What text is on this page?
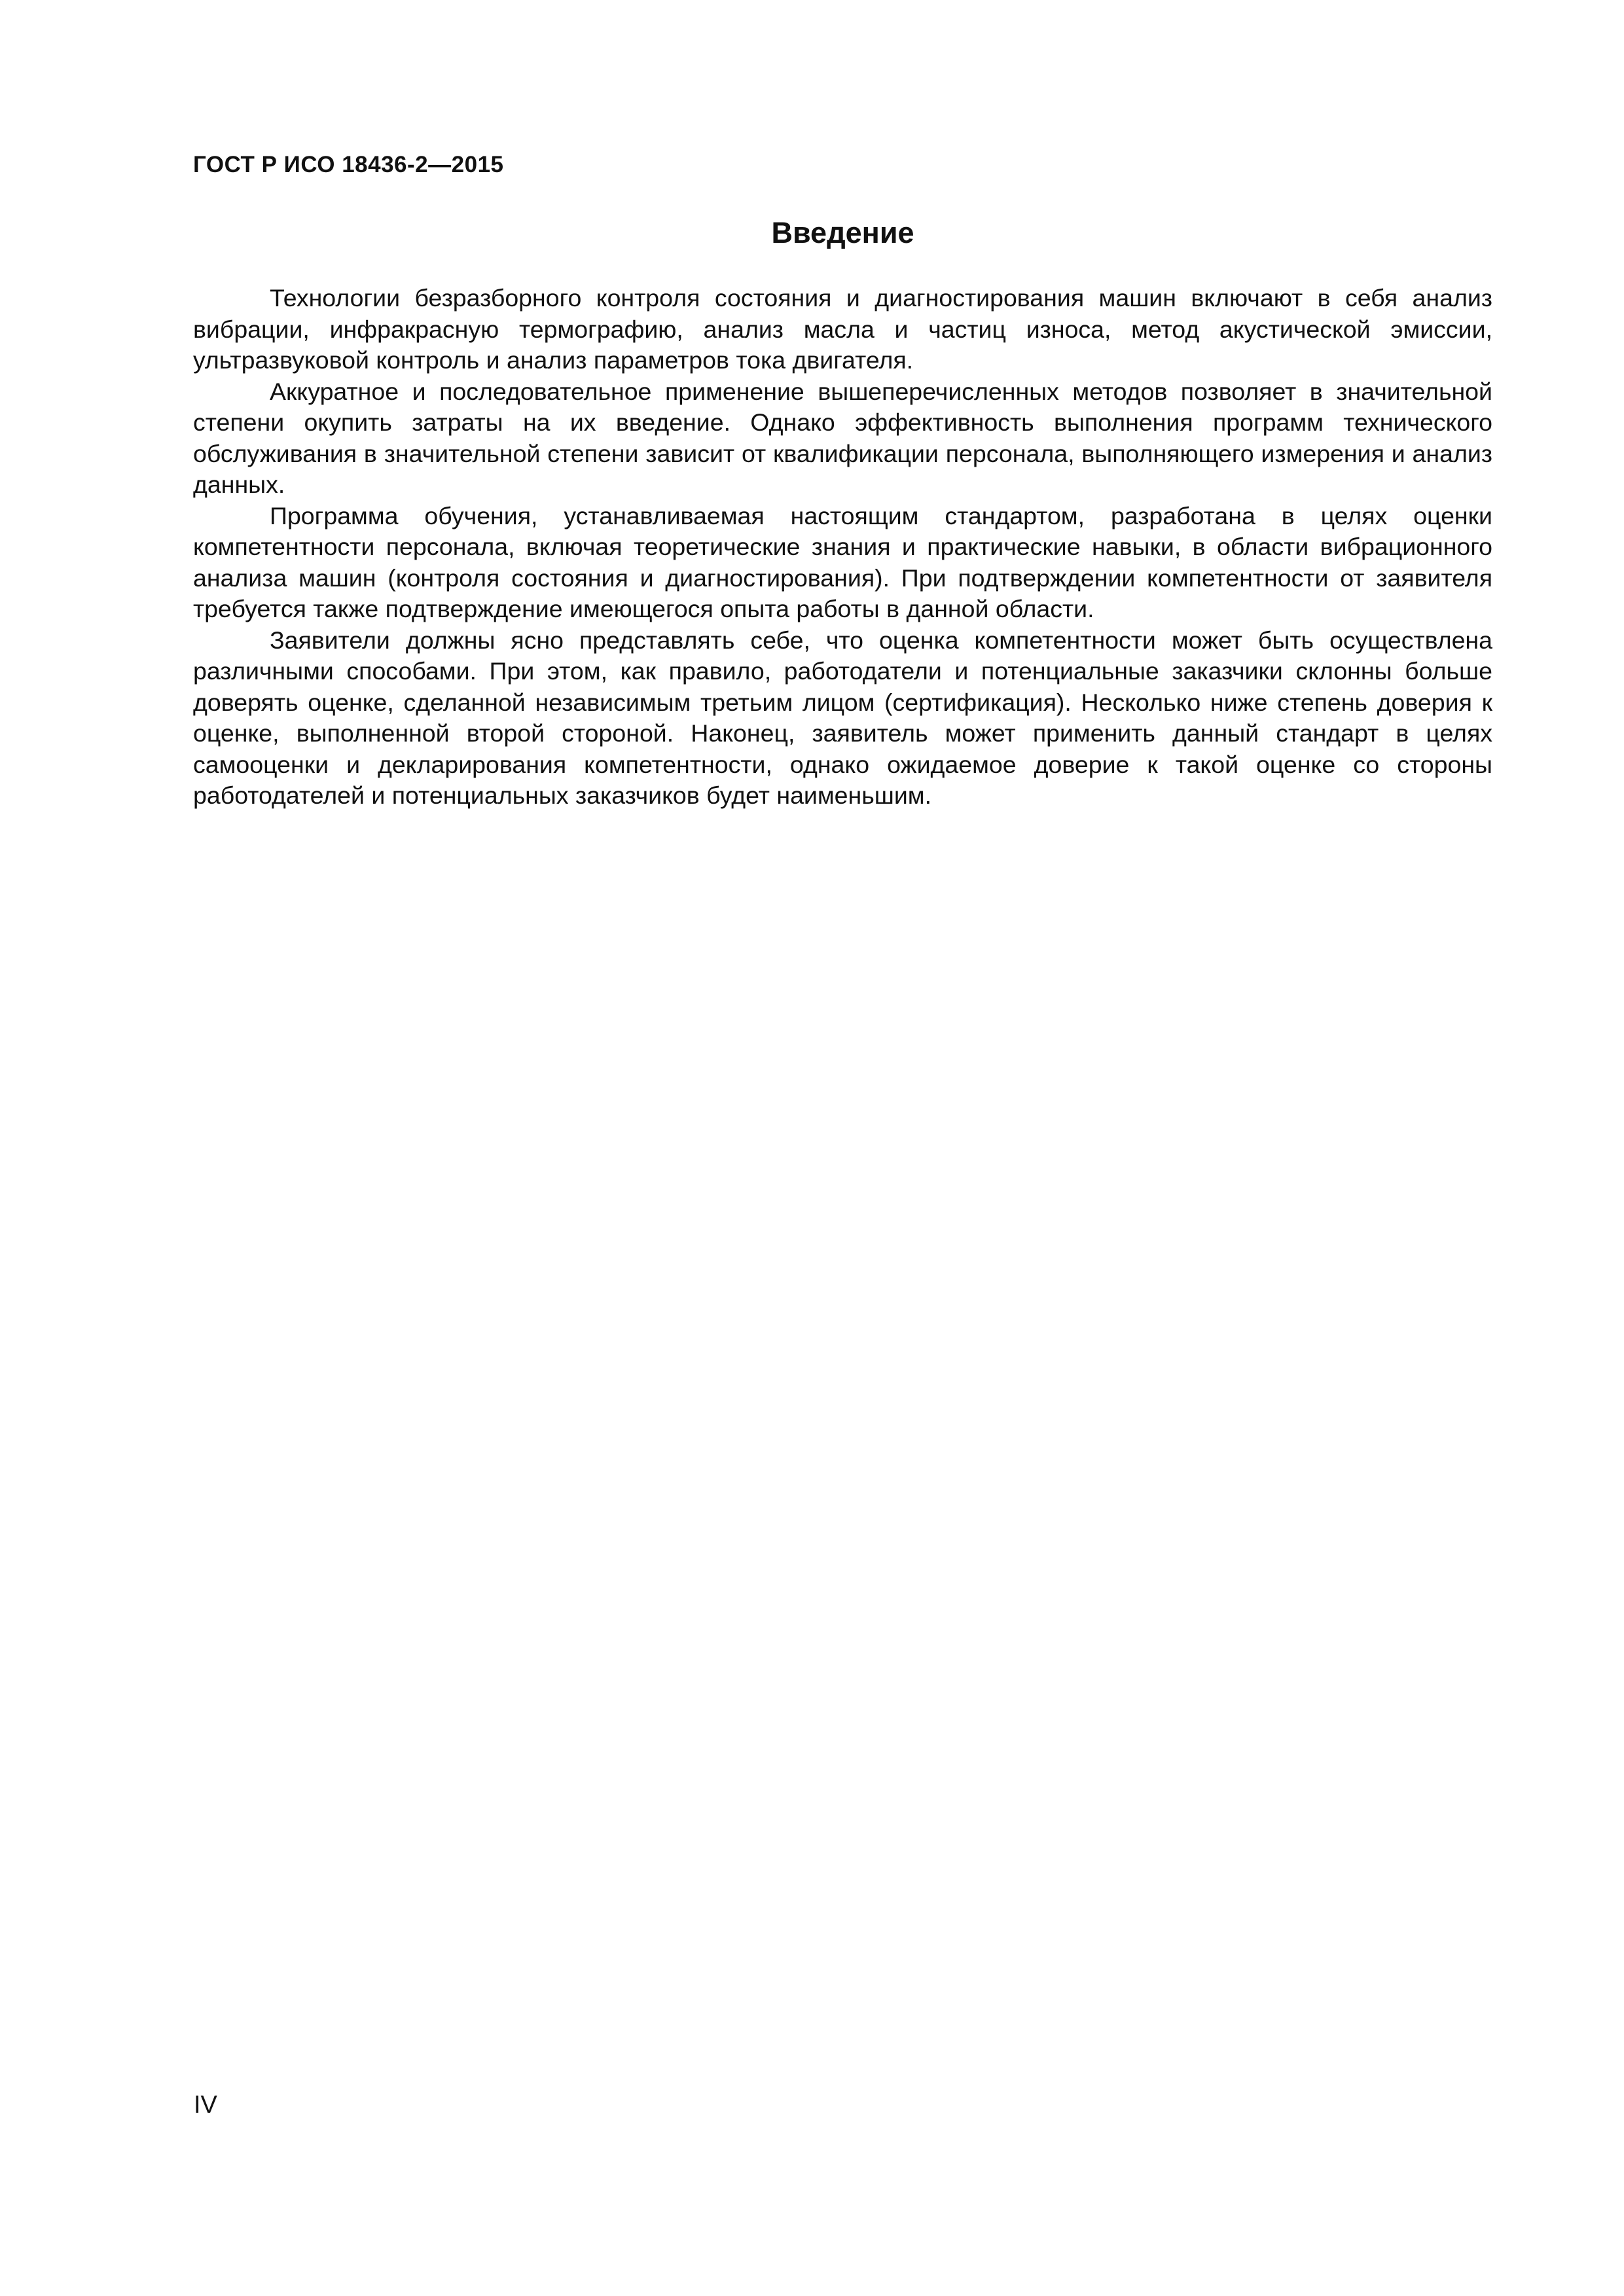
ГОСТ Р ИСО 18436-2—2015
Введение

Технологии безразборного контроля состояния и диагностирования машин включают в себя анализ вибрации, инфракрасную термографию, анализ масла и частиц износа, метод акустической эмиссии, ультразвуковой контроль и анализ параметров тока двигателя.

Аккуратное и последовательное применение вышеперечисленных методов позволяет в значительной степени окупить затраты на их введение. Однако эффективность выполнения программ технического обслуживания в значительной степени зависит от квалификации персонала, выполняющего измерения и анализ данных.

Программа обучения, устанавливаемая настоящим стандартом, разработана в целях оценки компетентности персонала, включая теоретические знания и практические навыки, в области вибрационного анализа машин (контроля состояния и диагностирования). При подтверждении компетентности от заявителя требуется также подтверждение имеющегося опыта работы в данной области.

Заявители должны ясно представлять себе, что оценка компетентности может быть осуществлена различными способами. При этом, как правило, работодатели и потенциальные заказчики склонны больше доверять оценке, сделанной независимым третьим лицом (сертификация). Несколько ниже степень доверия к оценке, выполненной второй стороной. Наконец, заявитель может применить данный стандарт в целях самооценки и декларирования компетентности, однако ожидаемое доверие к такой оценке со стороны работодателей и потенциальных заказчиков будет наименьшим.

IV
